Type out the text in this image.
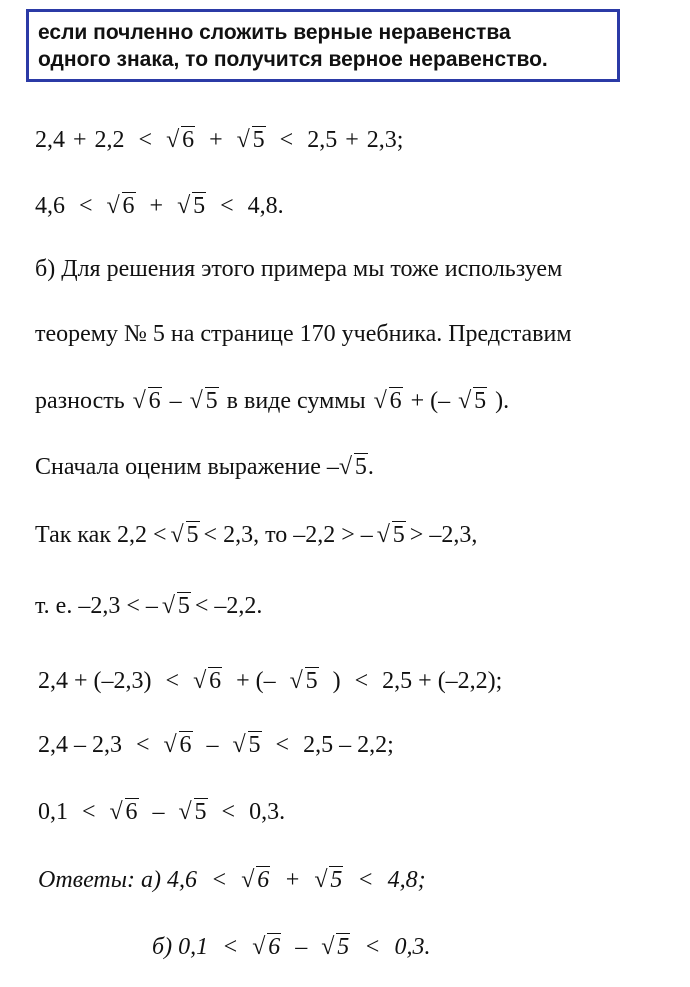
если почленно сложить верные неравенства
одного знака, то получится верное неравенство.
2,4 + 2,2 < √ 6 + √ 5 < 2,5 + 2,3;
4,6 < √ 6 + √ 5 < 4,8.
б) Для решения этого примера мы тоже используем
теорему № 5 на странице 170 учебника. Представим
разность √ 6 – √ 5 в виде суммы √ 6 + (– √ 5 ).
Сначала оценим выражение – √ 5.
Так как 2,2 < √ 5 < 2,3, то –2,2 > – √ 5 > –2,3,
т. е. –2,3 < – √ 5 < –2,2.
2,4 + (–2,3) < √ 6 + (– √ 5 ) < 2,5 + (–2,2);
2,4 – 2,3 < √ 6 – √ 5 < 2,5 – 2,2;
0,1 < √ 6 – √ 5 < 0,3.
Ответы: а) 4,6 < √ 6 + √ 5 < 4,8;
б) 0,1 < √ 6 – √ 5 < 0,3.
